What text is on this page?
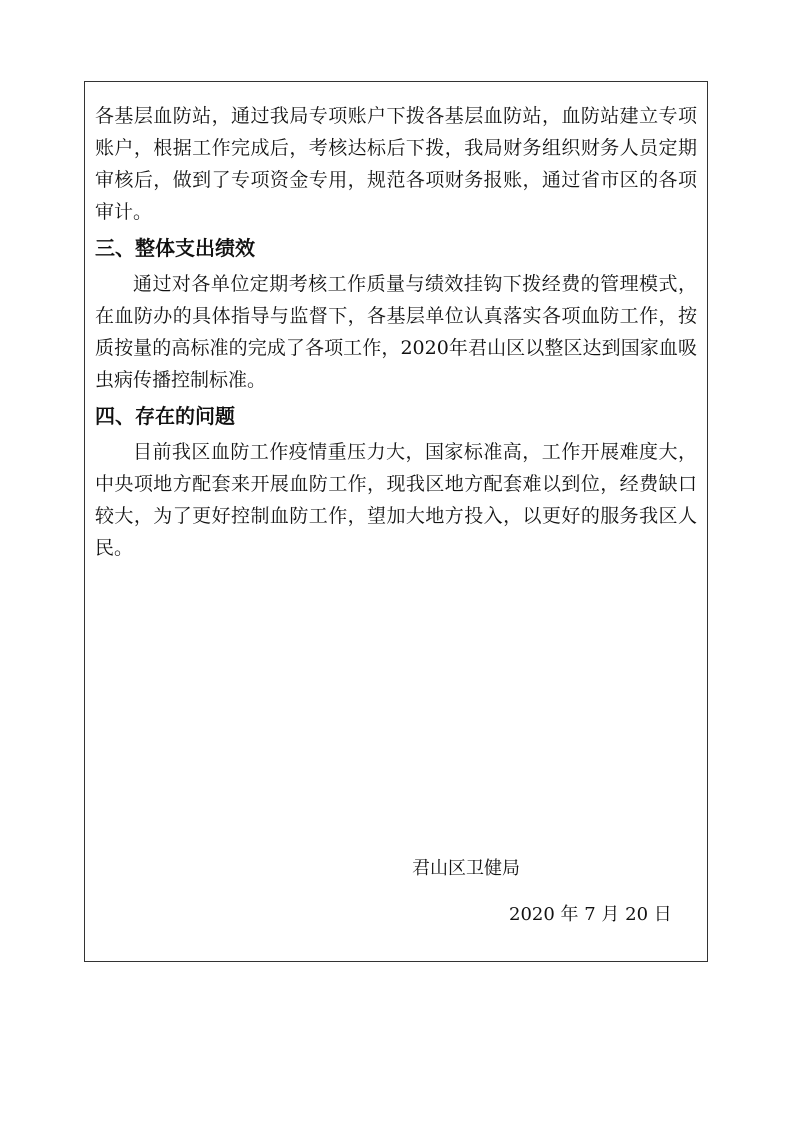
各基层血防站，通过我局专项账户下拨各基层血防站，血防站建立专项账户，根据工作完成后，考核达标后下拨，我局财务组织财务人员定期审核后，做到了专项资金专用，规范各项财务报账，通过省市区的各项审计。

三、整体支出绩效

通过对各单位定期考核工作质量与绩效挂钩下拨经费的管理模式，在血防办的具体指导与监督下，各基层单位认真落实各项血防工作，按质按量的高标准的完成了各项工作，2020年君山区以整区达到国家血吸虫病传播控制标准。

四、存在的问题

目前我区血防工作疫情重压力大，国家标准高，工作开展难度大，中央项地方配套来开展血防工作，现我区地方配套难以到位，经费缺口较大，为了更好控制血防工作，望加大地方投入，以更好的服务我区人民。

君山区卫健局
2020 年 7 月 20 日
